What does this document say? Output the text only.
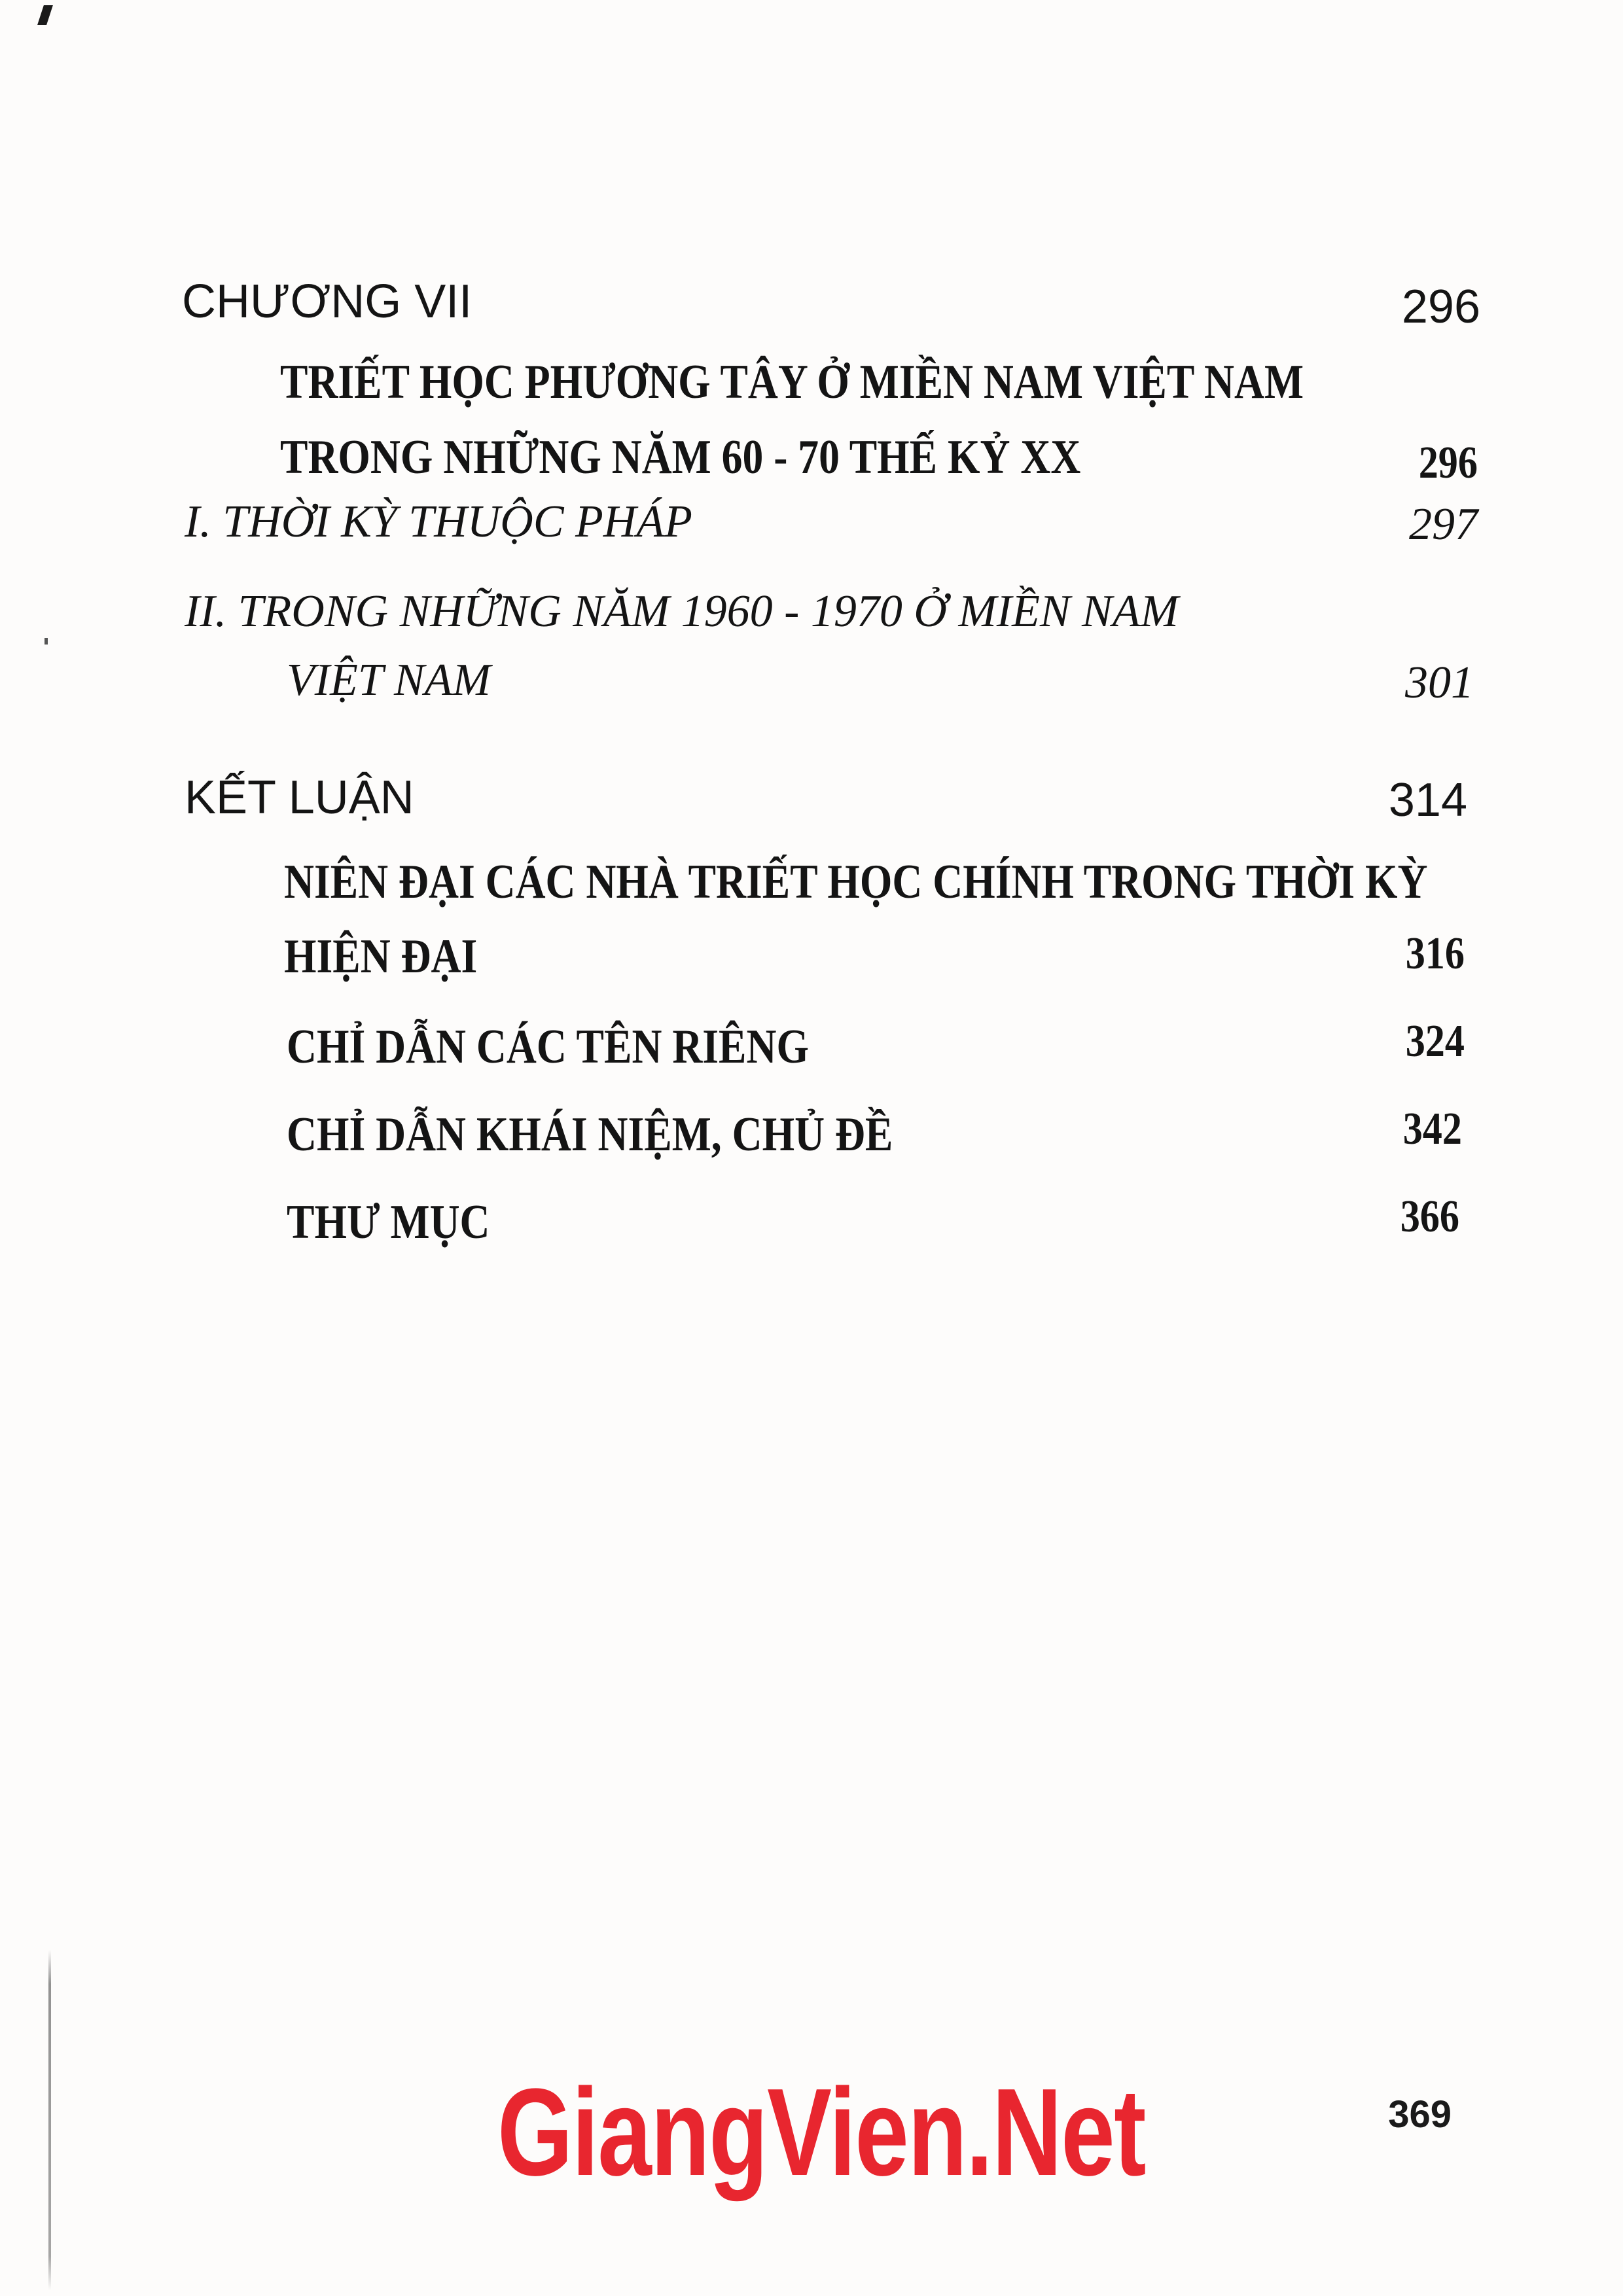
CHƯƠNG VII	296
TRIẾT HỌC PHƯƠNG TÂY Ở MIỀN NAM VIỆT NAM
TRONG NHỮNG NĂM 60 - 70 THẾ KỶ XX	296
I. THỜI KỲ THUỘC PHÁP	297
II. TRONG NHỮNG NĂM 1960 - 1970 Ở MIỀN NAM
VIỆT NAM	301
KẾT LUẬN	314
NIÊN ĐẠI CÁC NHÀ TRIẾT HỌC CHÍNH TRONG THỜI KỲ
HIỆN ĐẠI	316
CHỈ DẪN CÁC TÊN RIÊNG	324
CHỈ DẪN KHÁI NIỆM, CHỦ ĐỀ	342
THƯ MỤC	366
GiangVien.Net	369
